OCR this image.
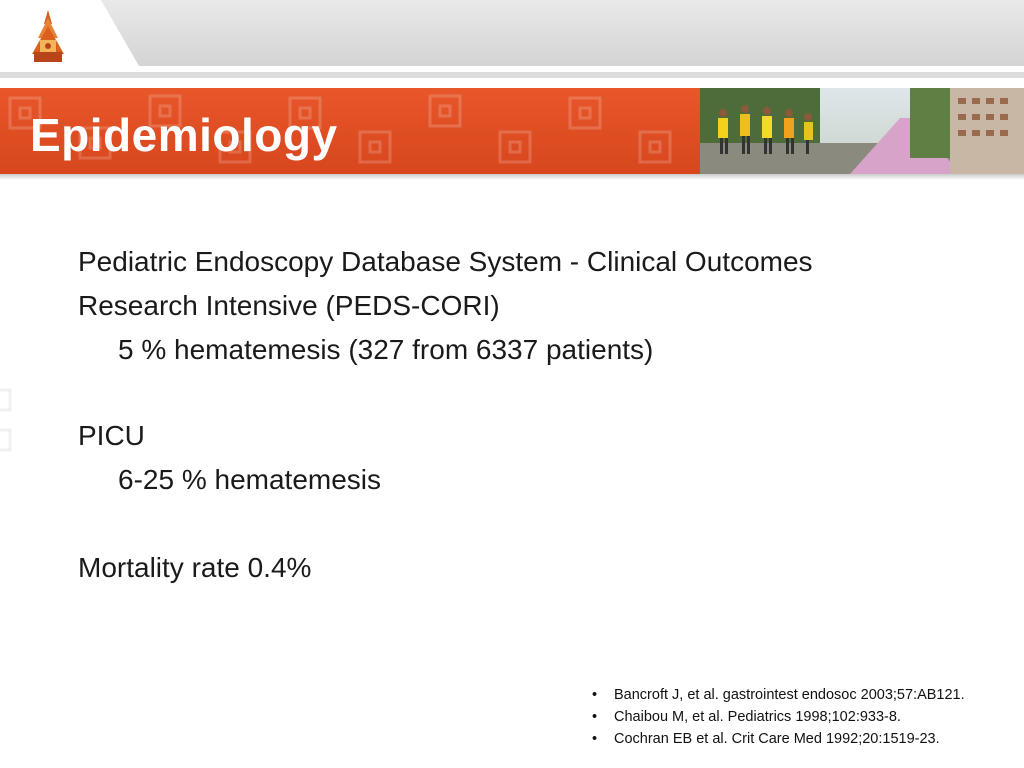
Epidemiology

Pediatric Endoscopy Database System - Clinical Outcomes

Research Intensive (PEDS-CORI)

5 % hematemesis (327 from 6337 patients)

PICU

6-25 % hematemesis

Mortality rate 0.4%

• Bancroft J, et al. gastrointest endosoc 2003;57:AB121.
• Chaibou M, et al. Pediatrics 1998;102:933-8.
• Cochran EB et al. Crit Care Med 1992;20:1519-23.
